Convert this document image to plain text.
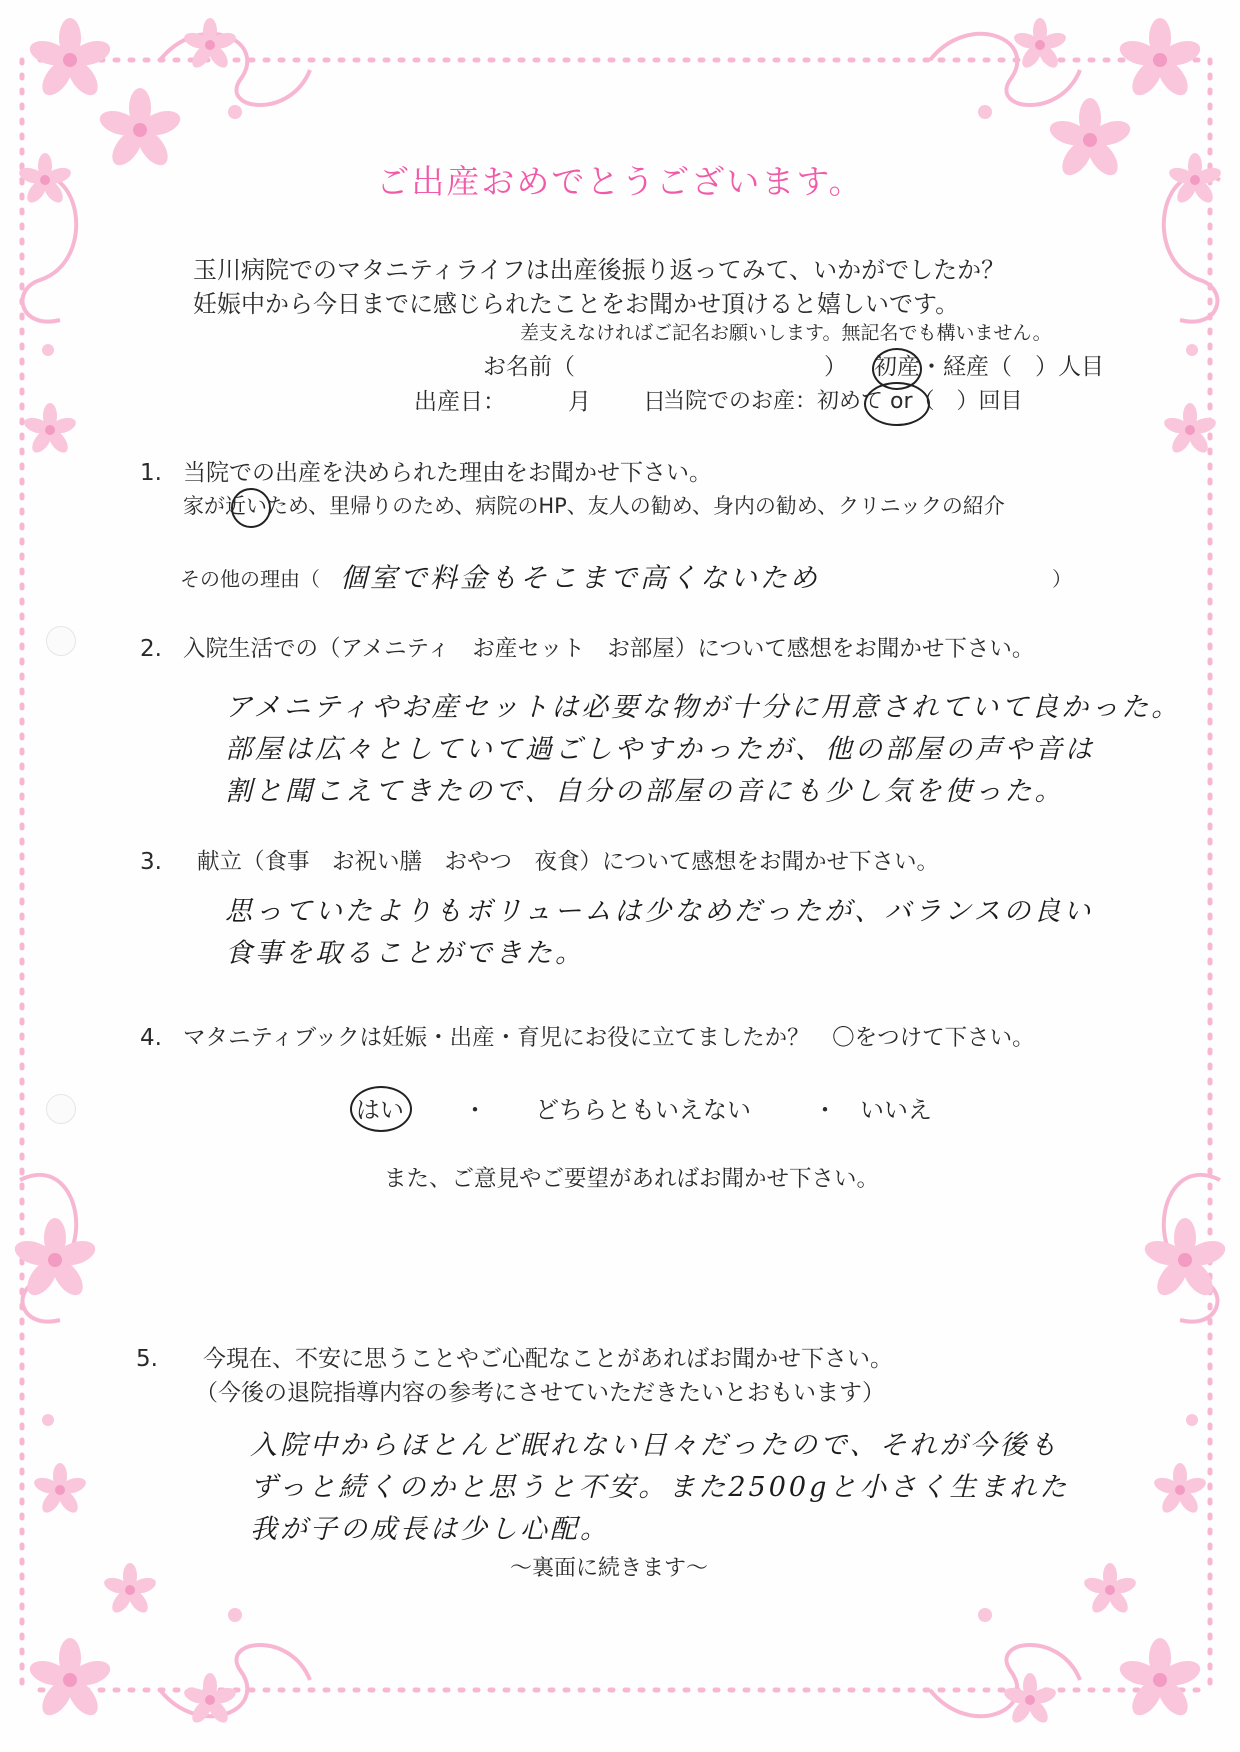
ご出産おめでとうございます。
玉川病院でのマタニティライフは出産後振り返ってみて、いかがでしたか？
妊娠中から今日までに感じられたことをお聞かせ頂けると嬉しいです。
差支えなければご記名お願いします。無記名でも構いません。
お名前（	） 初産・経産（　）人目
出産日：	月 日
当院でのお産：初めて or（　）回目
1. 当院での出産を決められた理由をお聞かせ下さい。
家が近いため、里帰りのため、病院のHP、友人の勧め、身内の勧め、クリニックの紹介
その他の理由（ 個室で料金もそこまで高くないため	）
2. 入院生活での（アメニティ　お産セット　お部屋）について感想をお聞かせ下さい。
アメニティやお産セットは必要な物が十分に用意されていて良かった。
部屋は広々としていて過ごしやすかったが、他の部屋の声や音は
割と聞こえてきたので、自分の部屋の音にも少し気を使った。
3. 献立（食事　お祝い膳　おやつ　夜食）について感想をお聞かせ下さい。
思っていたよりもボリュームは少なめだったが、バランスの良い
食事を取ることができた。
4. マタニティブックは妊娠・出産・育児にお役に立てましたか？　〇をつけて下さい。
はい ・ どちらともいえない	・ いいえ
また、ご意見やご要望があればお聞かせ下さい。
5. 今現在、不安に思うことやご心配なことがあればお聞かせ下さい。
（今後の退院指導内容の参考にさせていただきたいとおもいます）
入院中からほとんど眠れない日々だったので、それが今後も
ずっと続くのかと思うと不安。また2500gと小さく生まれた
我が子の成長は少し心配。
～裏面に続きます～
